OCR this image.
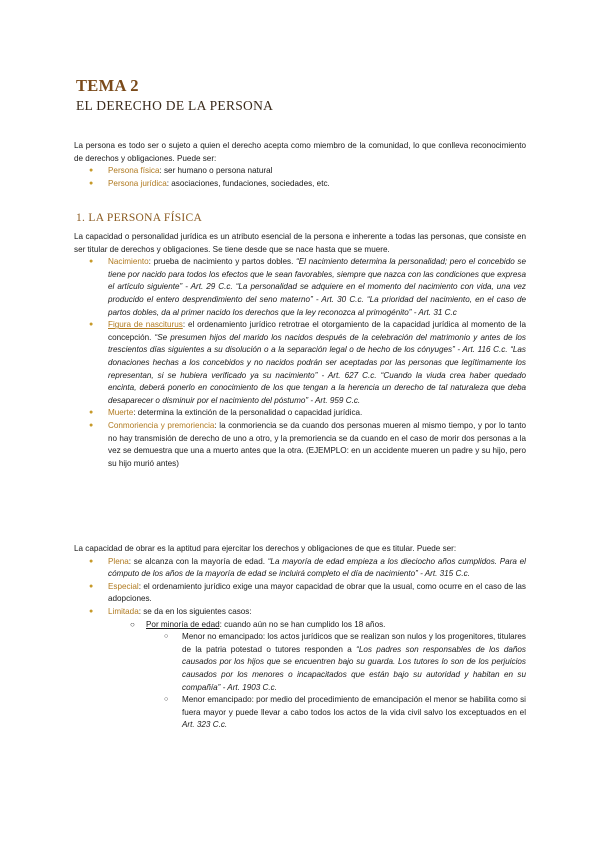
TEMA 2
EL DERECHO DE LA PERSONA
La persona es todo ser o sujeto a quien el derecho acepta como miembro de la comunidad, lo que conlleva reconocimiento de derechos y obligaciones. Puede ser:
● Persona física: ser humano o persona natural
● Persona jurídica: asociaciones, fundaciones, sociedades, etc.
1. LA PERSONA FÍSICA
La capacidad o personalidad jurídica es un atributo esencial de la persona e inherente a todas las personas, que consiste en ser titular de derechos y obligaciones. Se tiene desde que se nace hasta que se muere.
● Nacimiento: prueba de nacimiento y partos dobles. “El nacimiento determina la personalidad; pero el concebido se tiene por nacido para todos los efectos que le sean favorables, siempre que nazca con las condiciones que expresa el artículo siguiente” - Art. 29 C.c. “La personalidad se adquiere en el momento del nacimiento con vida, una vez producido el entero desprendimiento del seno materno” - Art. 30 C.c. “La prioridad del nacimiento, en el caso de partos dobles, da al primer nacido los derechos que la ley reconozca al primogénito” - Art. 31 C.c
● Figura de nasciturus: el ordenamiento jurídico retrotrae el otorgamiento de la capacidad jurídica al momento de la concepción. “Se presumen hijos del marido los nacidos después de la celebración del matrimonio y antes de los trescientos días siguientes a su disolución o a la separación legal o de hecho de los cónyuges” - Art. 116 C.c. “Las donaciones hechas a los concebidos y no nacidos podrán ser aceptadas por las personas que legítimamente los representan, si se hubiera verificado ya su nacimiento” - Art. 627 C.c. “Cuando la viuda crea haber quedado encinta, deberá ponerlo en conocimiento de los que tengan a la herencia un derecho de tal naturaleza que deba desaparecer o disminuir por el nacimiento del póstumo” - Art. 959 C.c.
● Muerte: determina la extinción de la personalidad o capacidad jurídica.
● Conmoriencia y premoriencia: la conmoriencia se da cuando dos personas mueren al mismo tiempo, y por lo tanto no hay transmisión de derecho de uno a otro, y la premoriencia se da cuando en el caso de morir dos personas a la vez se demuestra que una a muerto antes que la otra. (EJEMPLO: en un accidente mueren un padre y su hijo, pero su hijo murió antes)
La capacidad de obrar es la aptitud para ejercitar los derechos y obligaciones de que es titular. Puede ser:
● Plena: se alcanza con la mayoría de edad. “La mayoría de edad empieza a los dieciocho años cumplidos. Para el cómputo de los años de la mayoría de edad se incluirá completo el día de nacimiento” - Art. 315 C.c.
● Especial: el ordenamiento jurídico exige una mayor capacidad de obrar que la usual, como ocurre en el caso de las adopciones.
● Limitada: se da en los siguientes casos:
○ Por minoría de edad: cuando aún no se han cumplido los 18 años.
○ Menor no emancipado: los actos jurídicos que se realizan son nulos y los progenitores, titulares de la patria potestad o tutores responden a “Los padres son responsables de los daños causados por los hijos que se encuentren bajo su guarda. Los tutores lo son de los perjuicios causados por los menores o incapacitados que están bajo su autoridad y habitan en su compañía” - Art. 1903 C.c.
○ Menor emancipado: por medio del procedimiento de emancipación el menor se habilita como si fuera mayor y puede llevar a cabo todos los actos de la vida civil salvo los exceptuados en el Art. 323 C.c.
